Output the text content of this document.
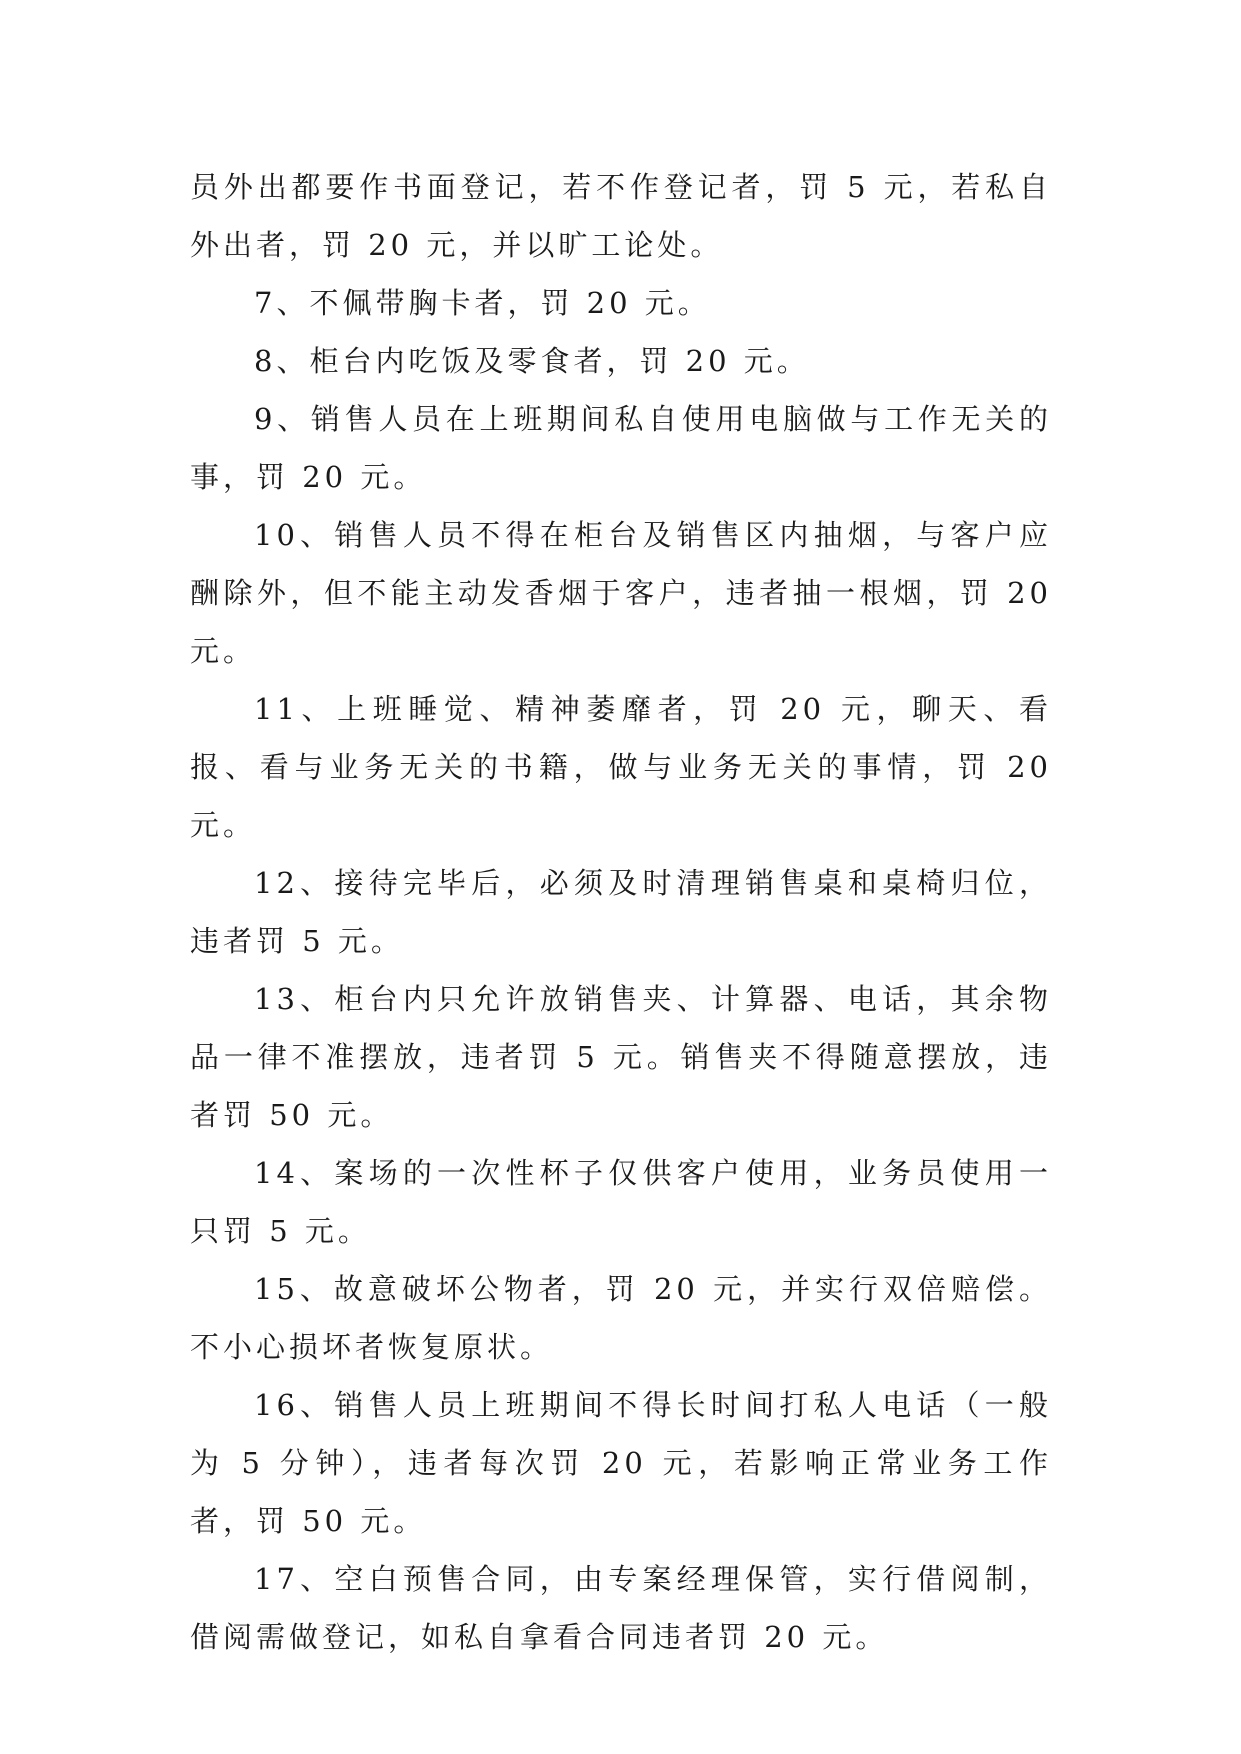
员外出都要作书面登记，若不作登记者，罚 5 元，若私自外出者，罚 20 元，并以旷工论处。

7、不佩带胸卡者，罚 20 元。

8、柜台内吃饭及零食者，罚 20 元。

9、销售人员在上班期间私自使用电脑做与工作无关的事，罚 20 元。

10、销售人员不得在柜台及销售区内抽烟，与客户应酬除外，但不能主动发香烟于客户，违者抽一根烟，罚 20 元。

11、上班睡觉、精神萎靡者，罚 20 元，聊天、看报、看与业务无关的书籍，做与业务无关的事情，罚 20 元。

12、接待完毕后，必须及时清理销售桌和桌椅归位，违者罚 5 元。

13、柜台内只允许放销售夹、计算器、电话，其余物品一律不准摆放，违者罚 5 元。销售夹不得随意摆放，违者罚 50 元。

14、案场的一次性杯子仅供客户使用，业务员使用一只罚 5 元。

15、故意破坏公物者，罚 20 元，并实行双倍赔偿。不小心损坏者恢复原状。

16、销售人员上班期间不得长时间打私人电话（一般为 5 分钟），违者每次罚 20 元，若影响正常业务工作者，罚 50 元。

17、空白预售合同，由专案经理保管，实行借阅制，借阅需做登记，如私自拿看合同违者罚 20 元。
